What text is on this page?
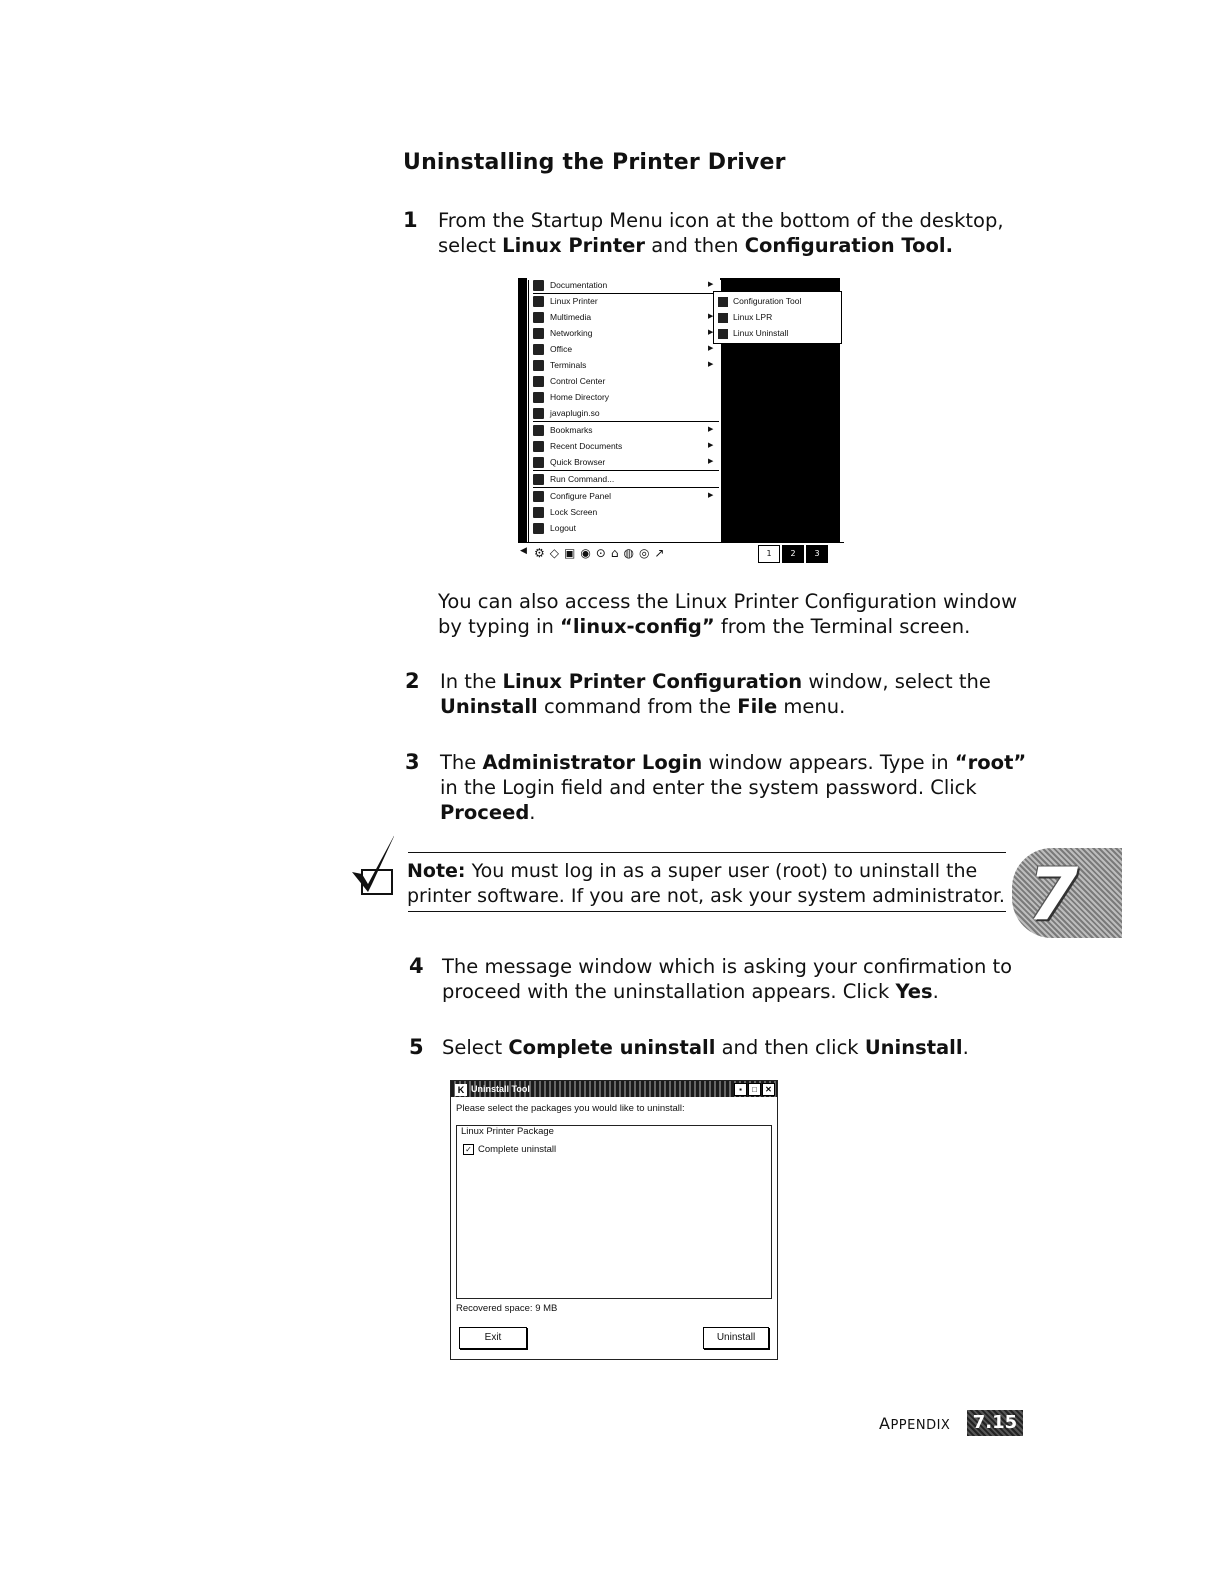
Uninstalling the Printer Driver
1 From the Startup Menu icon at the bottom of the desktop,
select Linux Printer and then Configuration Tool.
Documentation	▶
Linux Printer
Multimedia	▶
Networking	▶
Office	▶
Terminals	▶
Control Center
Home Directory
javaplugin.so
Bookmarks	▶
Recent Documents	▶
Quick Browser	▶
Run Command...
Configure Panel	▶
Lock Screen
Logout
Configuration Tool
Linux LPR
Linux Uninstall
◀ ⚙◇▣◉⊙⌂◍◎↗	1	2	3
You can also access the Linux Printer Configuration window
by typing in “linux-config” from the Terminal screen.
2 In the Linux Printer Configuration window, select the
Uninstall command from the File menu.
3 The Administrator Login window appears. Type in “root”
in the Login field and enter the system password. Click
Proceed.
Note: You must log in as a super user (root) to uninstall the
printer software. If you are not, ask your system administrator. 7
4 The message window which is asking your confirmation to
proceed with the uninstallation appears. Click Yes.
5 Select Complete uninstall and then click Uninstall.
K Uninstall Tool	▪	□	✕
Please select the packages you would like to uninstall:
Linux Printer Package
✓ Complete uninstall
Recovered space: 9 MB
Exit	Uninstall
APPENDIX	7.15
